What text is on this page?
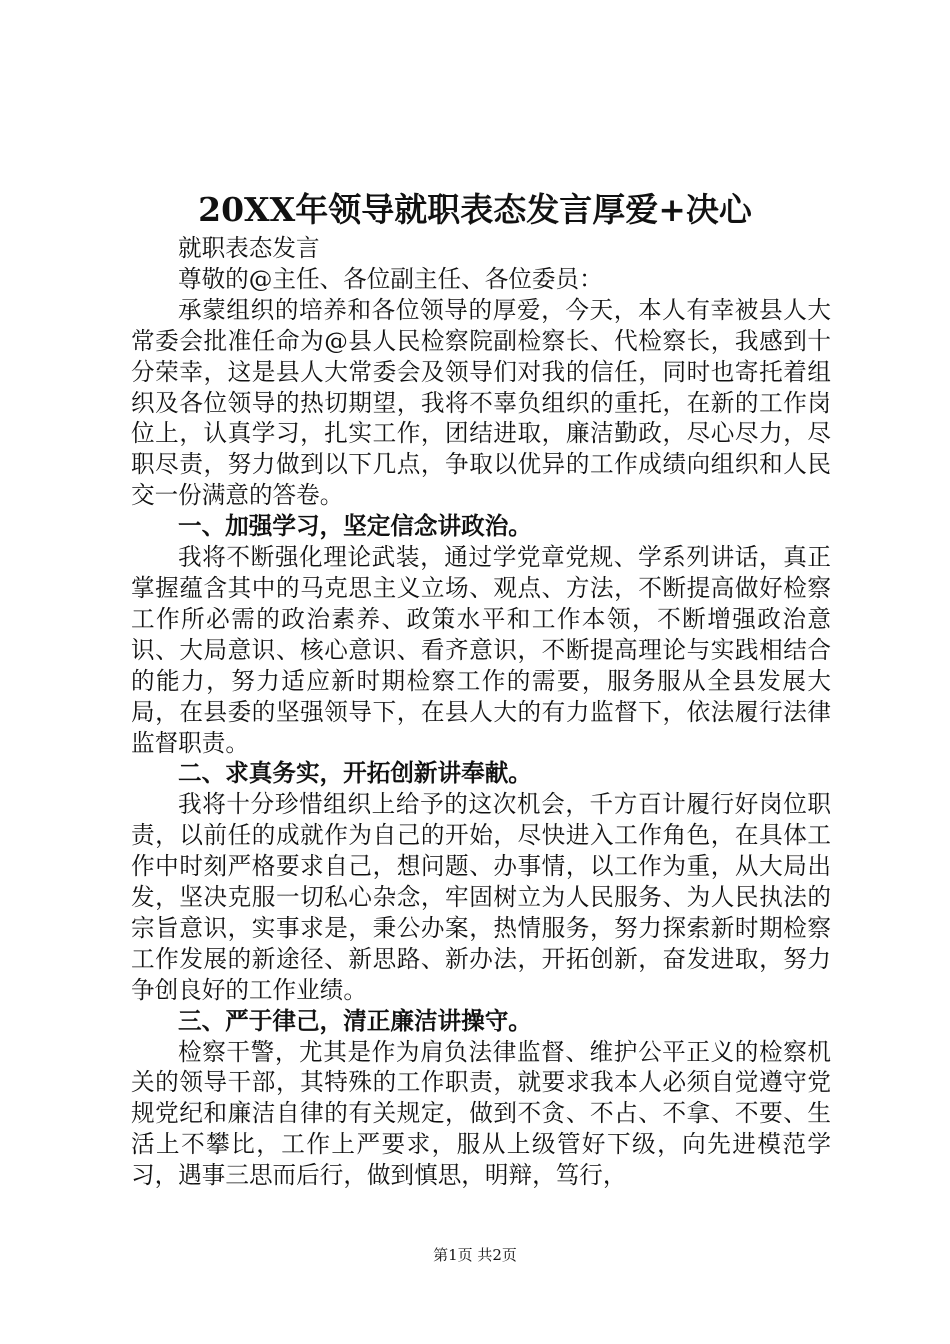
20XX年领导就职表态发言厚爱+决心

就职表态发言

尊敬的@主任、各位副主任、各位委员：

承蒙组织的培养和各位领导的厚爱，今天，本人有幸被县人大常委会批准任命为@县人民检察院副检察长、代检察长，我感到十分荣幸，这是县人大常委会及领导们对我的信任，同时也寄托着组织及各位领导的热切期望，我将不辜负组织的重托，在新的工作岗位上，认真学习，扎实工作，团结进取，廉洁勤政，尽心尽力，尽职尽责，努力做到以下几点，争取以优异的工作成绩向组织和人民交一份满意的答卷。

一、加强学习，坚定信念讲政治。

我将不断强化理论武装，通过学党章党规、学系列讲话，真正掌握蕴含其中的马克思主义立场、观点、方法，不断提高做好检察工作所必需的政治素养、政策水平和工作本领，不断增强政治意识、大局意识、核心意识、看齐意识，不断提高理论与实践相结合的能力，努力适应新时期检察工作的需要，服务服从全县发展大局，在县委的坚强领导下，在县人大的有力监督下，依法履行法律监督职责。

二、求真务实，开拓创新讲奉献。

我将十分珍惜组织上给予的这次机会，千方百计履行好岗位职责，以前任的成就作为自己的开始，尽快进入工作角色，在具体工作中时刻严格要求自己，想问题、办事情，以工作为重，从大局出发，坚决克服一切私心杂念，牢固树立为人民服务、为人民执法的宗旨意识，实事求是，秉公办案，热情服务，努力探索新时期检察工作发展的新途径、新思路、新办法，开拓创新，奋发进取，努力争创良好的工作业绩。

三、严于律己，清正廉洁讲操守。

检察干警，尤其是作为肩负法律监督、维护公平正义的检察机关的领导干部，其特殊的工作职责，就要求我本人必须自觉遵守党规党纪和廉洁自律的有关规定，做到不贪、不占、不拿、不要、生活上不攀比，工作上严要求，服从上级管好下级，向先进模范学习，遇事三思而后行，做到慎思，明辩，笃行，

第1页 共2页
